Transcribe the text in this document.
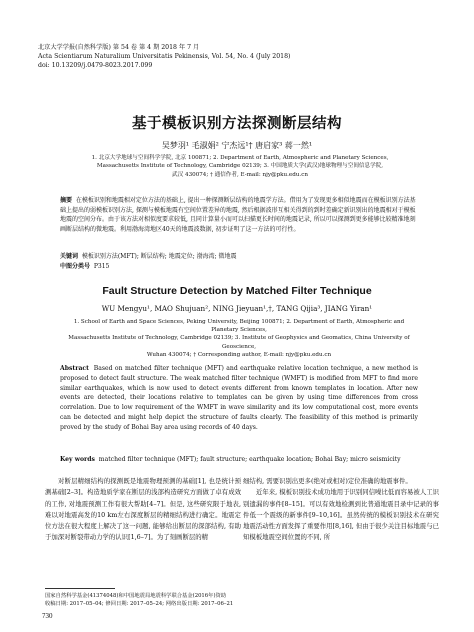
北京大学学报(自然科学版) 第 54 卷 第 4 期 2018 年 7 月
Acta Scientiarum Naturalium Universitatis Pekinensis, Vol. 54, No. 4 (July 2018)
doi: 10.13209/j.0479-8023.2017.099
基于模板识别方法探测断层结构
吴梦羽¹ 毛淑娟² 宁杰远¹† 唐启家³ 蒋一然¹
1. 北京大学地球与空间科学学院, 北京 100871; 2. Department of Earth, Atmospheric and Planetary Sciences,
Massachusetts Institute of Technology, Cambridge 02139; 3. 中国地质大学(武汉)地球物理与空间信息学院,
武汉 430074; † 通信作者, E-mail: njy@pku.edu.cn
摘要 在模板识别和地震相对定位方法的基础上, 提出一种探测断层结构的地震学方法。借用为了发现更多相似地震而在模板识别方法基础上提出的弱模板识别方法, 探测与模板地震有空间位置差异的地震, 然后根据波形互相关得到的到时差确定新识别出的地震相对于模板地震的空间分布。由于该方法对相似度要求较低, 且同计算量小而可以扫描更长时间的地震记录, 所以可以探测到更多能够比较精准地刻画断层结构的微地震。利用渤海湾地区40天的地震波数据, 初步证明了这一方法的可行性。
关键词 模板识别方法(MFT); 断层结构; 地震定位; 渤海湾; 微地震
中图分类号 P315
Fault Structure Detection by Matched Filter Technique
WU Mengyu¹, MAO Shujuan², NING Jieyuan¹,†, TANG Qijia³, JIANG Yiran¹
1. School of Earth and Space Sciences, Peking University, Beijing 100871; 2. Department of Earth, Atmospheric and Planetary Sciences,
Massachusetts Institute of Technology, Cambridge 02139; 3. Institute of Geophysics and Geomatics, China University of Geoscience,
Wuhan 430074; † Corresponding author, E-mail: njy@pku.edu.cn
Abstract Based on matched filter technique (MFT) and earthquake relative location technique, a new method is proposed to detect fault structure. The weak matched filter technique (WMFT) is modified from MFT to find more similar earthquakes, which is now used to detect events different from known templates in location. After new events are detected, their locations relative to templates can be given by using time differences from cross correlation. Due to low requirement of the WMFT in wave similarity and its low computational cost, more events can be detected and might help depict the structure of faults clearly. The feasibility of this method is primarily proved by the study of Bohai Bay area using records of 40 days.
Key words matched filter technique (MFT); fault structure; earthquake location; Bohai Bay; micro seismicity

对断层精细结构的探测既是地震物理预测的基础[1], 也是统计预测基础[2–3]。构造地质学家在断层的浅部构造研究方面做了卓有成效的工作, 对地震预测工作有很大帮助[4–7]。但是, 这些研究限于地表, 难以对地震高发的10 km左右深度断层的精细结构进行确定。地震定位方法在很大程度上解决了这一问题, 能够给出断层的深部结构, 有助于加深对断裂带动力学的认识[1,6–7]。为了刻画断层的精

细结构, 需要识别出更多(绝对或相对)定位准确的地震事件。

近年来, 模板识别技术成功地用于识别同信噪比低而容易被人工识别遗漏的事件[8–15]。可以有效地检测到比普通地震目录中记录的事件低一个震级的新事件[9–10,16]。虽然传统的模板识别技术在研究地震活动性方面发挥了重要作用[8,16], 但由于很少关注目标地震与已知模板地震空间位置的不同, 所

国家自然科学基金(41374048)和中国地震局地震科学联合基金(2016年)资助
收稿日期: 2017–05–04; 修回日期: 2017–05–24; 网络出版日期: 2017–06–21
730
